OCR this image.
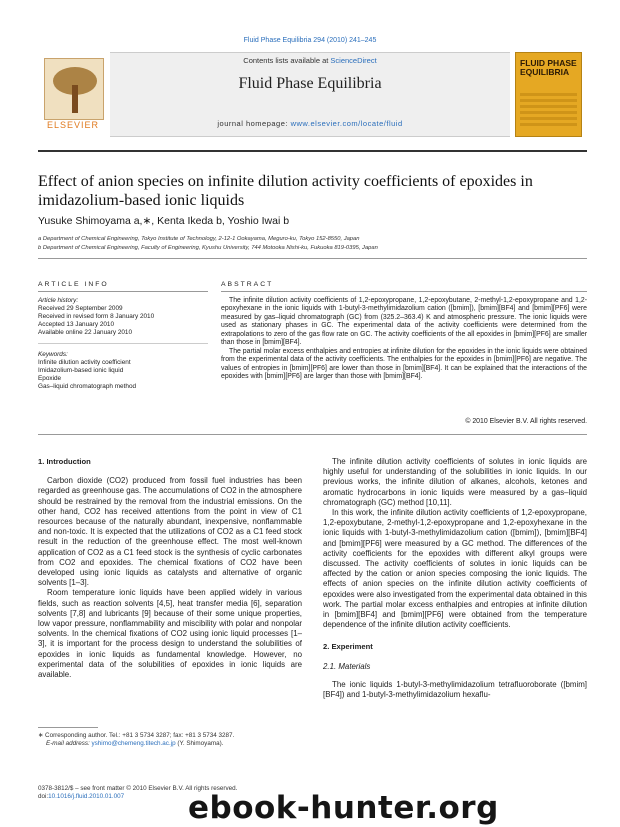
Fluid Phase Equilibria 294 (2010) 241–245
ELSEVIER
Contents lists available at ScienceDirect
Fluid Phase Equilibria
journal homepage: www.elsevier.com/locate/fluid
FLUID PHASE EQUILIBRIA
Effect of anion species on infinite dilution activity coefficients of epoxides in imidazolium-based ionic liquids
Yusuke Shimoyama a,∗, Kenta Ikeda b, Yoshio Iwai b
a Department of Chemical Engineering, Tokyo Institute of Technology, 2-12-1 Ookayama, Meguro-ku, Tokyo 152-8550, Japan
b Department of Chemical Engineering, Faculty of Engineering, Kyushu University, 744 Motooka Nishi-ku, Fukuoka 819-0395, Japan
ARTICLE INFO
Article history:
Received 29 September 2009
Received in revised form 8 January 2010
Accepted 13 January 2010
Available online 22 January 2010
Keywords:
Infinite dilution activity coefficient
Imidazolium-based ionic liquid
Epoxide
Gas–liquid chromatograph method
ABSTRACT

The infinite dilution activity coefficients of 1,2-epoxypropane, 1,2-epoxybutane, 2-methyl-1,2-epoxypropane and 1,2-epoxyhexane in the ionic liquids with 1-butyl-3-methylimidazolium cation ([bmim]), [bmim][BF4] and [bmim][PF6] were measured by gas–liquid chromatograph (GC) from (325.2–363.4) K and atmospheric pressure. The ionic liquids were used as stationary phases in GC. The experimental data of the activity coefficients were determined from the extrapolations to zero of the gas flow rate on GC. The activity coefficients of the all epoxides in [bmim][PF6] are smaller than those in [bmim][BF4].

The partial molar excess enthalpies and entropies at infinite dilution for the epoxides in the ionic liquids were obtained from the experimental data of the activity coefficients. The enthalpies for the epoxides in [bmim][PF6] are negative. The values of entropies in [bmim][PF6] are lower than those in [bmim][BF4]. It can be explained that the interactions of the epoxides with [bmim][PF6] are larger than those with [bmim][BF4].

© 2010 Elsevier B.V. All rights reserved.

1. Introduction

Carbon dioxide (CO2) produced from fossil fuel industries has been regarded as greenhouse gas. The accumulations of CO2 in the atmosphere should be restrained by the removal from the industrial emissions. On the other hand, CO2 has received attentions from the point in view of C1 resources because of the naturally abundant, inexpensive, nonflammable and non-toxic. It is expected that the utilizations of CO2 as a C1 feed stock result in the reduction of the greenhouse effect. The most well-known application of CO2 as a C1 feed stock is the synthesis of cyclic carbonates from CO2 and epoxides. The chemical fixations of CO2 have been developed using ionic liquids as catalysts and alternative of organic solvents [1–3].

Room temperature ionic liquids have been applied widely in various fields, such as reaction solvents [4,5], heat transfer media [6], separation solvents [7,8] and lubricants [9] because of their some unique properties, low vapor pressure, nonflammability and miscibility with polar and nonpolar solvents. In the chemical fixations of CO2 using ionic liquid processes [1–3], it is important for the process design to understand the solubilities of epoxides in ionic liquids as fundamental knowledge. However, no experimental data of the solubilities of epoxides in ionic liquids are available.

The infinite dilution activity coefficients of solutes in ionic liquids are highly useful for understanding of the solubilities in ionic liquids. In our previous works, the infinite dilution of alkanes, alcohols, ketones and aromatic hydrocarbons in ionic liquids were measured by a gas–liquid chromatograph (GC) method [10,11].

In this work, the infinite dilution activity coefficients of 1,2-epoxypropane, 1,2-epoxybutane, 2-methyl-1,2-epoxypropane and 1,2-epoxyhexane in the ionic liquids with 1-butyl-3-methylimidazolium cation ([bmim]), [bmim][BF4] and [bmim][PF6] were measured by a GC method. The differences of the activity coefficients for the epoxides with different alkyl groups were discussed. The activity coefficients of solutes in ionic liquids can be affected by the cation or anion species composing the ionic liquids. The effects of anion species on the infinite dilution activity coefficients of epoxides were also investigated from the experimental data obtained in this work. The partial molar excess enthalpies and entropies at infinite dilution in [bmim][BF4] and [bmim][PF6] were obtained from the temperature dependence of the infinite dilution activity coefficients.

2. Experiment

2.1. Materials

The ionic liquids 1-butyl-3-methylimidazolium tetrafluoroborate ([bmim][BF4]) and 1-butyl-3-methylimidazolium hexaflu-

∗ Corresponding author. Tel.: +81 3 5734 3287; fax: +81 3 5734 3287.
E-mail address: yshimo@chemeng.titech.ac.jp (Y. Shimoyama).
0378-3812/$ – see front matter © 2010 Elsevier B.V. All rights reserved.
doi:10.1016/j.fluid.2010.01.007	ebook-hunter.org
